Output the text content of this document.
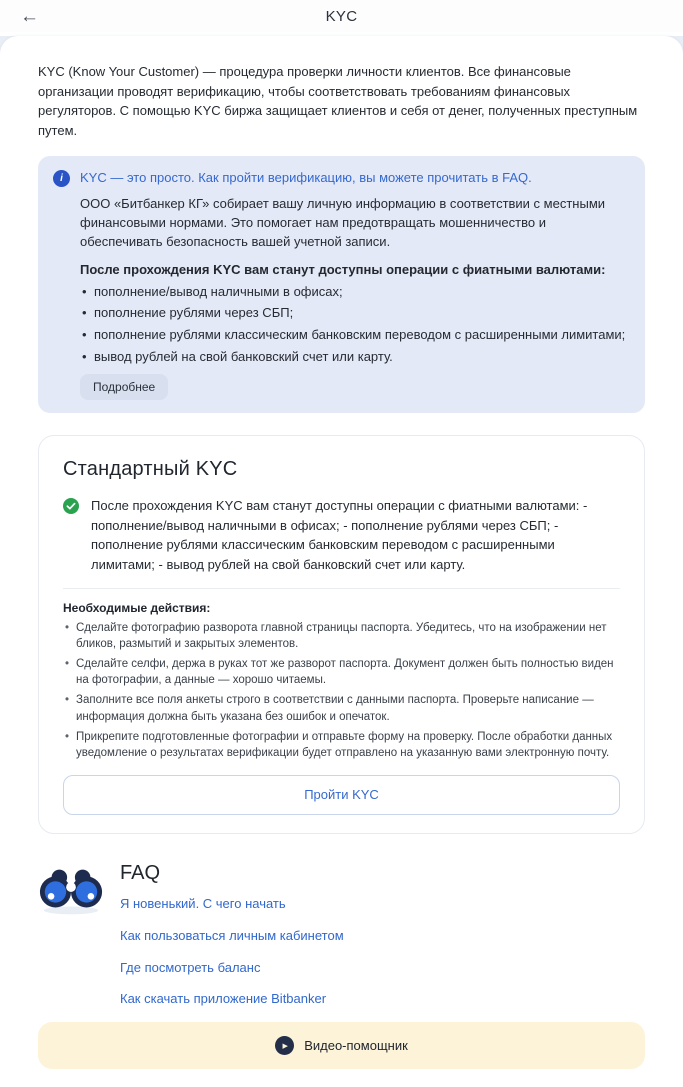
←	KYC

KYC (Know Your Customer) — процедура проверки личности клиентов. Все финансовые организации проводят верификацию, чтобы соответствовать требованиям финансовых регуляторов. С помощью KYC биржа защищает клиентов и себя от денег, полученных преступным путем.

i	KYC — это просто. Как пройти верификацию, вы можете прочитать в FAQ.

ООО «Битбанкер КГ» собирает вашу личную информацию в соответствии с местными финансовыми нормами. Это помогает нам предотвращать мошенничество и обеспечивать безопасность вашей учетной записи.

После прохождения KYC вам станут доступны операции с фиатными валютами:

• пополнение/вывод наличными в офисах;
• пополнение рублями через СБП;
• пополнение рублями классическим банковским переводом с расширенными лимитами;
• вывод рублей на свой банковский счет или карту.
Подробнее
Стандартный KYC

После прохождения KYC вам станут доступны операции с фиатными валютами: - пополнение/вывод наличными в офисах; - пополнение рублями через СБП; - пополнение рублями классическим банковским переводом с расширенными лимитами; - вывод рублей на свой банковский счет или карту.

Необходимые действия:
• Сделайте фотографию разворота главной страницы паспорта. Убедитесь, что на изображении нет бликов, размытий и закрытых элементов.
• Сделайте селфи, держа в руках тот же разворот паспорта. Документ должен быть полностью виден на фотографии, а данные — хорошо читаемы.
• Заполните все поля анкеты строго в соответствии с данными паспорта. Проверьте написание — информация должна быть указана без ошибок и опечаток.
• Прикрепите подготовленные фотографии и отправьте форму на проверку. После обработки данных уведомление о результатах верификации будет отправлено на указанную вами электронную почту.
Пройти KYC
FAQ
Я новенький. С чего начать
Как пользоваться личным кабинетом
Где посмотреть баланс
Как скачать приложение Bitbanker
▶	Видео-помощник
